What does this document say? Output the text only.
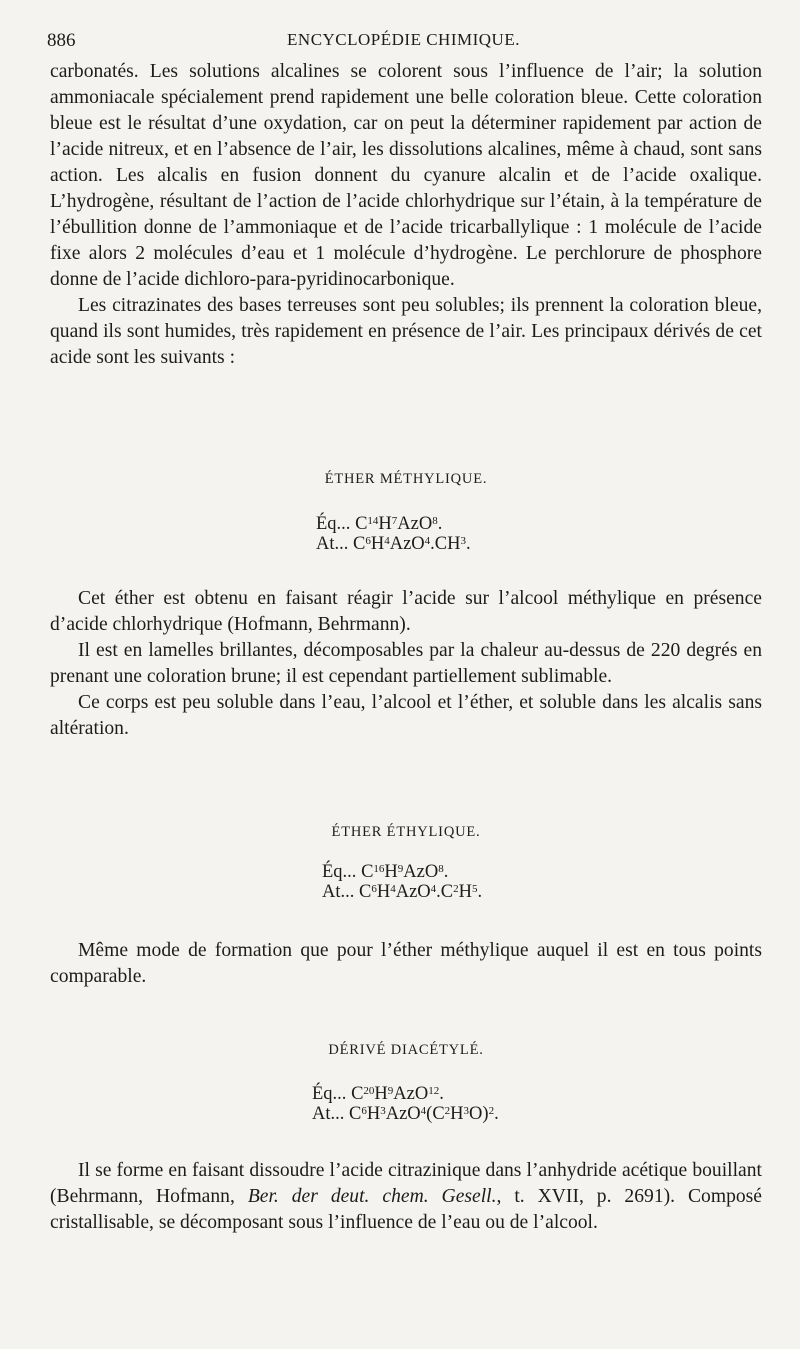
886	ENCYCLOPÉDIE CHIMIQUE.

carbonatés. Les solutions alcalines se colorent sous l’influence de l’air; la solution ammoniacale spécialement prend rapidement une belle coloration bleue. Cette coloration bleue est le résultat d’une oxydation, car on peut la déterminer rapidement par action de l’acide nitreux, et en l’absence de l’air, les dissolutions alcalines, même à chaud, sont sans action. Les alcalis en fusion donnent du cyanure alcalin et de l’acide oxalique. L’hydrogène, résultant de l’action de l’acide chlorhydrique sur l’étain, à la température de l’ébullition donne de l’ammoniaque et de l’acide tricarballylique : 1 molécule de l’acide fixe alors 2 molécules d’eau et 1 molécule d’hydrogène. Le perchlorure de phosphore donne de l’acide dichloro-para-pyridinocarbonique.

Les citrazinates des bases terreuses sont peu solubles; ils prennent la coloration bleue, quand ils sont humides, très rapidement en présence de l’air. Les principaux dérivés de cet acide sont les suivants :

ÉTHER MÉTHYLIQUE.
Éq... $C^{14}H^7AzO^8$.
At... $C^6H^4AzO^4.CH^3$.

Cet éther est obtenu en faisant réagir l’acide sur l’alcool méthylique en présence d’acide chlorhydrique (Hofmann, Behrmann).

Il est en lamelles brillantes, décomposables par la chaleur au-dessus de 220 degrés en prenant une coloration brune; il est cependant partiellement sublimable.

Ce corps est peu soluble dans l’eau, l’alcool et l’éther, et soluble dans les alcalis sans altération.

ÉTHER ÉTHYLIQUE.
Éq... $C^{16}H^9AzO^8$.
At... $C^6H^4AzO^4.C^2H^5$.

Même mode de formation que pour l’éther méthylique auquel il est en tous points comparable.

DÉRIVÉ DIACÉTYLÉ.
Éq... $C^{20}H^9AzO^{12}$.
At... $C^6H^3AzO^4(C^2H^3O)^2$.

Il se forme en faisant dissoudre l’acide citrazinique dans l’anhydride acétique bouillant (Behrmann, Hofmann, Ber. der deut. chem. Gesell., t. XVII, p. 2691). Composé cristallisable, se décomposant sous l’influence de l’eau ou de l’alcool.
